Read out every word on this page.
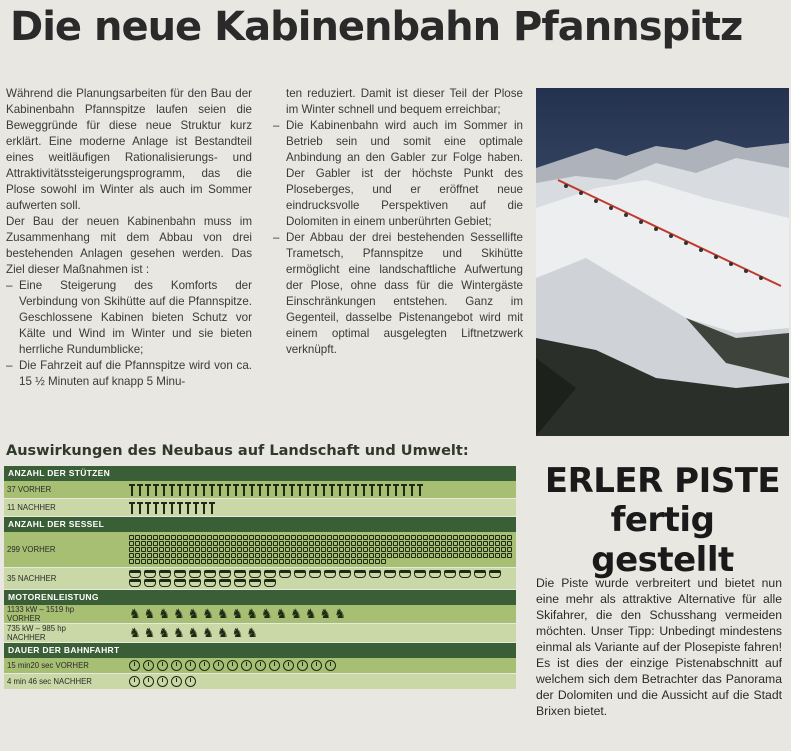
Die neue Kabinenbahn Pfannspitz

Während die Planungsarbeiten für den Bau der Kabinenbahn Pfannspitze laufen seien die Beweggründe für diese neue Struktur kurz erklärt. Eine moderne Anlage ist Bestandteil eines weitläufigen Rationalisierungs- und Attraktivitätssteigerungsprogramm, das die Plose sowohl im Winter als auch im Sommer aufwerten soll.

Der Bau der neuen Kabinenbahn muss im Zusammenhang mit dem Abbau von drei bestehenden Anlagen gesehen werden. Das Ziel dieser Maßnahmen ist :

– Eine Steigerung des Komforts der Verbindung von Skihütte auf die Pfannspitze. Geschlossene Kabinen bieten Schutz vor Kälte und Wind im Winter und sie bieten herrliche Rundumblicke;
– Die Fahrzeit auf die Pfannspitze wird von ca. 15 ½ Minuten auf knapp 5 Minu-

ten reduziert. Damit ist dieser Teil der Plose im Winter schnell und bequem erreichbar;

– Die Kabinenbahn wird auch im Sommer in Betrieb sein und somit eine optimale Anbindung an den Gabler zur Folge haben. Der Gabler ist der höchste Punkt des Ploseberges, und er eröffnet neue eindrucksvolle Perspektiven auf die Dolomiten in einem unberührten Gebiet;
– Der Abbau der drei bestehenden Sessellifte Trametsch, Pfannspitze und Skihütte ermöglicht eine landschaftliche Aufwertung der Plose, ohne dass für die Wintergäste Einschränkungen entstehen. Ganz im Gegenteil, dasselbe Pistenangebot wird mit einem optimal ausgelegten Liftnetzwerk verknüpft.
Auswirkungen des Neubaus auf Landschaft und Umwelt:
ANZAHL DER STÜTZEN
37 VORHER
11 NACHHER
ANZAHL DER SESSEL
299 VORHER
35 NACHHER
MOTORENLEISTUNG
1133 kW – 1519 hp
VORHER	♞ ♞ ♞ ♞ ♞ ♞ ♞ ♞ ♞ ♞ ♞ ♞ ♞ ♞ ♞
735 kW – 985 hp
NACHHER	♞ ♞ ♞ ♞ ♞ ♞ ♞ ♞ ♞
DAUER DER BAHNFAHRT
15 min20 sec VORHER
4 min 46 sec NACHHER
ERLER PISTE
fertig gestellt
Die Piste wurde verbreitert und bietet nun eine mehr als attraktive Alternative für alle Skifahrer, die den Schusshang vermeiden möchten. Unser Tipp: Unbedingt mindestens einmal als Variante auf der Plosepiste fahren! Es ist dies der einzige Pistenabschnitt auf welchem sich dem Betrachter das Panorama der Dolomiten und die Aussicht auf die Stadt Brixen bietet.
